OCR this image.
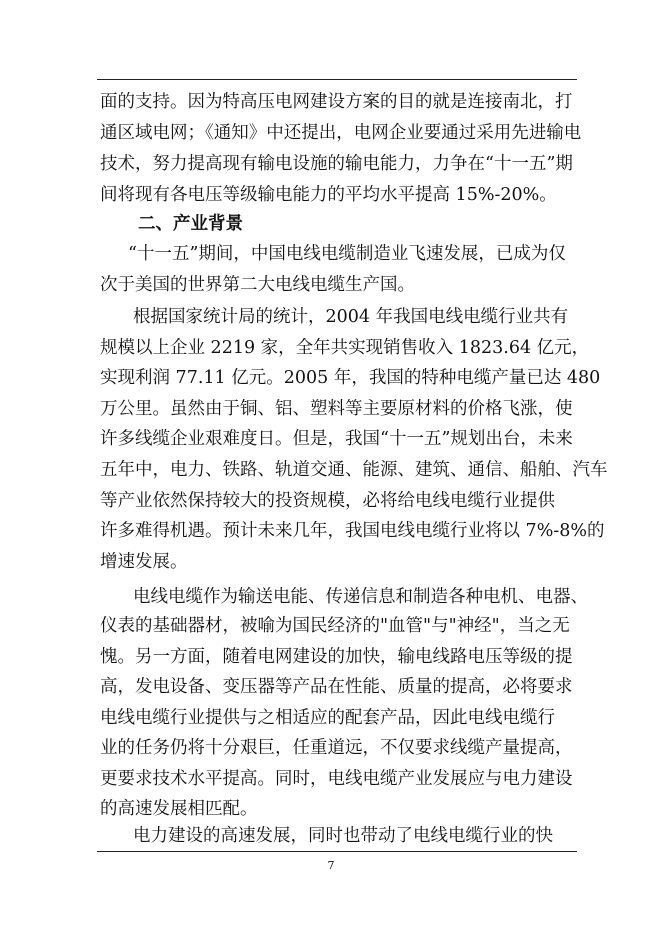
面的支持。因为特高压电网建设方案的目的就是连接南北，打
通区域电网；《通知》中还提出，电网企业要通过采用先进输电
技术，努力提高现有输电设施的输电能力，力争在“十一五”期
间将现有各电压等级输电能力的平均水平提高 15%-20%。
二、产业背景
“十一五”期间，中国电线电缆制造业飞速发展，已成为仅
次于美国的世界第二大电线电缆生产国。
根据国家统计局的统计，2004 年我国电线电缆行业共有
规模以上企业 2219 家，全年共实现销售收入 1823.64 亿元，
实现利润 77.11 亿元。2005 年，我国的特种电缆产量已达 480
万公里。虽然由于铜、铝、塑料等主要原材料的价格飞涨，使
许多线缆企业艰难度日。但是，我国“十一五”规划出台，未来
五年中，电力、铁路、轨道交通、能源、建筑、通信、船舶、汽车
等产业依然保持较大的投资规模，必将给电线电缆行业提供
许多难得机遇。预计未来几年，我国电线电缆行业将以 7%-8%的
增速发展。
电线电缆作为输送电能、传递信息和制造各种电机、电器、
仪表的基础器材，被喻为国民经济的"血管"与"神经"，当之无
愧。另一方面，随着电网建设的加快，输电线路电压等级的提
高，发电设备、变压器等产品在性能、质量的提高，必将要求
电线电缆行业提供与之相适应的配套产品，因此电线电缆行
业的任务仍将十分艰巨，任重道远，不仅要求线缆产量提高，
更要求技术水平提高。同时，电线电缆产业发展应与电力建设
的高速发展相匹配。
电力建设的高速发展，同时也带动了电线电缆行业的快
7
